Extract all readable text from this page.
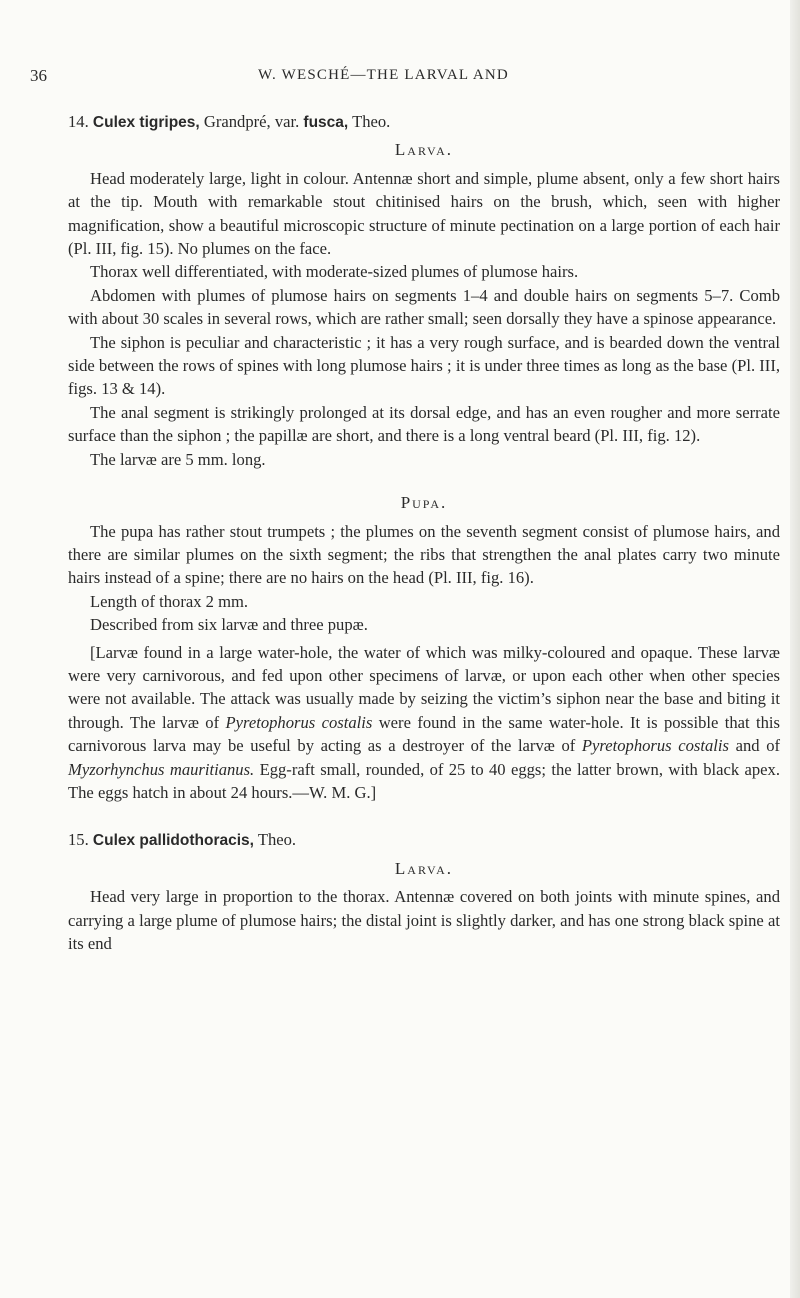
36	W. WESCHÉ—THE LARVAL AND

14. Culex tigripes, Grandpré, var. fusca, Theo.

Larva.

Head moderately large, light in colour. Antennæ short and simple, plume absent, only a few short hairs at the tip. Mouth with remarkable stout chitinised hairs on the brush, which, seen with higher magnification, show a beautiful microscopic structure of minute pectination on a large portion of each hair (Pl. III, fig. 15). No plumes on the face.

Thorax well differentiated, with moderate-sized plumes of plumose hairs.

Abdomen with plumes of plumose hairs on segments 1–4 and double hairs on segments 5–7. Comb with about 30 scales in several rows, which are rather small; seen dorsally they have a spinose appearance.

The siphon is peculiar and characteristic ; it has a very rough surface, and is bearded down the ventral side between the rows of spines with long plumose hairs ; it is under three times as long as the base (Pl. III, figs. 13 & 14).

The anal segment is strikingly prolonged at its dorsal edge, and has an even rougher and more serrate surface than the siphon ; the papillæ are short, and there is a long ventral beard (Pl. III, fig. 12).

The larvæ are 5 mm. long.

Pupa.

The pupa has rather stout trumpets ; the plumes on the seventh segment consist of plumose hairs, and there are similar plumes on the sixth segment; the ribs that strengthen the anal plates carry two minute hairs instead of a spine; there are no hairs on the head (Pl. III, fig. 16).

Length of thorax 2 mm.

Described from six larvæ and three pupæ.

[Larvæ found in a large water-hole, the water of which was milky-coloured and opaque. These larvæ were very carnivorous, and fed upon other specimens of larvæ, or upon each other when other species were not available. The attack was usually made by seizing the victim’s siphon near the base and biting it through. The larvæ of Pyretophorus costalis were found in the same water-hole. It is possible that this carnivorous larva may be useful by acting as a destroyer of the larvæ of Pyretophorus costalis and of Myzorhynchus mauritianus. Egg-raft small, rounded, of 25 to 40 eggs; the latter brown, with black apex. The eggs hatch in about 24 hours.—W. M. G.]

15. Culex pallidothoracis, Theo.

Larva.

Head very large in proportion to the thorax. Antennæ covered on both joints with minute spines, and carrying a large plume of plumose hairs; the distal joint is slightly darker, and has one strong black spine at its end
